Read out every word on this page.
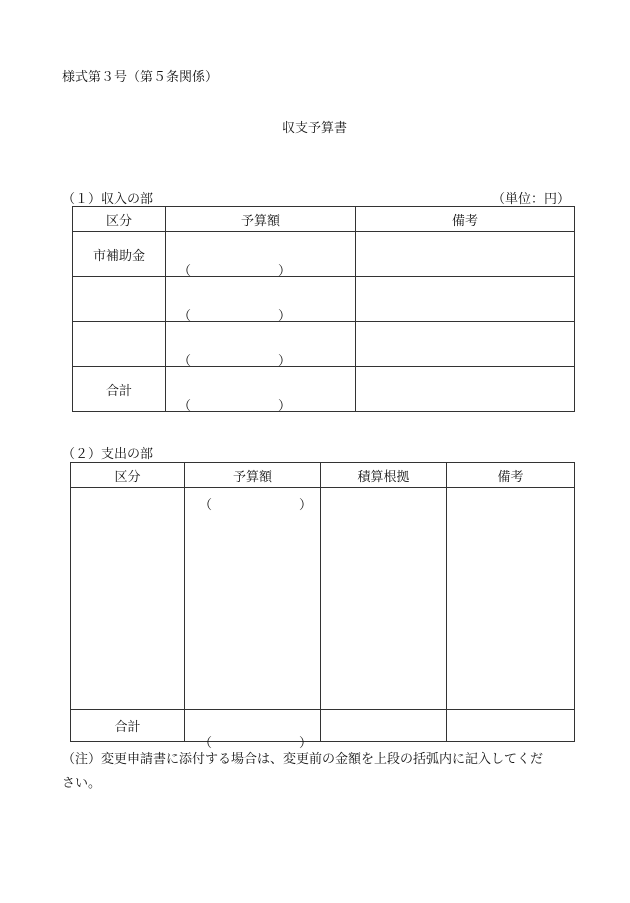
様式第３号（第５条関係）
収支予算書
（１）収入の部	（単位：円）
区分	予算額	備考
市補助金	（ ）	

	（ ）	

	（ ）	

合計	（ ）	

（２）支出の部
区分	予算額	積算根拠	備考

	（ ）		

合計	（ ）		

（注）変更申請書に添付する場合は、変更前の金額を上段の括弧内に記入してくだ
さい。
